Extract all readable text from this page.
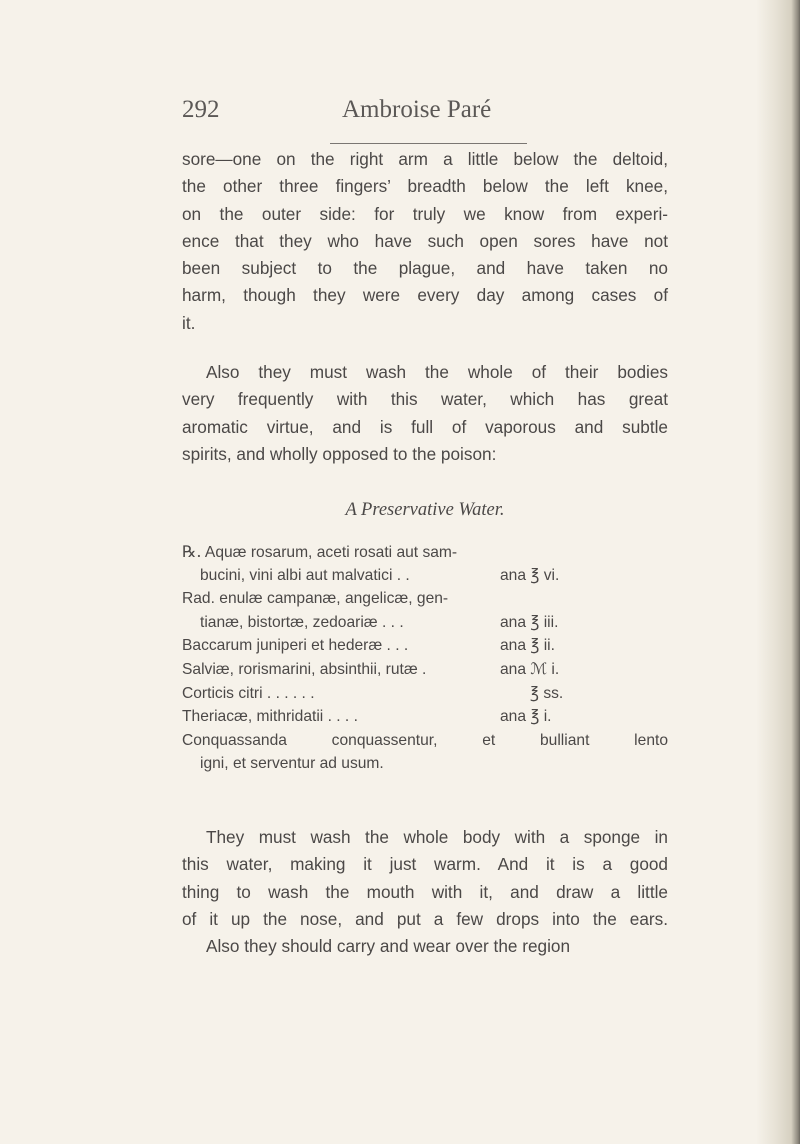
292	Ambroise Paré
sore—one on the right arm a little below the deltoid,
the other three fingers’ breadth below the left knee,
on the outer side: for truly we know from experi-
ence that they who have such open sores have not
been subject to the plague, and have taken no
harm, though they were every day among cases of
it.
Also they must wash the whole of their bodies
very frequently with this water, which has great
aromatic virtue, and is full of vaporous and subtle
spirits, and wholly opposed to the poison:
A Preservative Water.
℞. Aquæ rosarum, aceti rosati aut sam-
bucini, vini albi aut malvatici . .	ana ℥ vi.
Rad. enulæ campanæ, angelicæ, gen-
tianæ, bistortæ, zedoariæ . . .	ana ℥ iii.
Baccarum juniperi et hederæ . . .	ana ℥ ii.
Salviæ, rorismarini, absinthii, rutæ .	ana ℳ i.
Corticis citri . . . . . .	℥ ss.
Theriacæ, mithridatii . . . .	ana ℥ i.
Conquassanda conquassentur, et bulliant lento
igni, et serventur ad usum.
They must wash the whole body with a sponge in
this water, making it just warm. And it is a good
thing to wash the mouth with it, and draw a little
of it up the nose, and put a few drops into the ears.
Also they should carry and wear over the region
